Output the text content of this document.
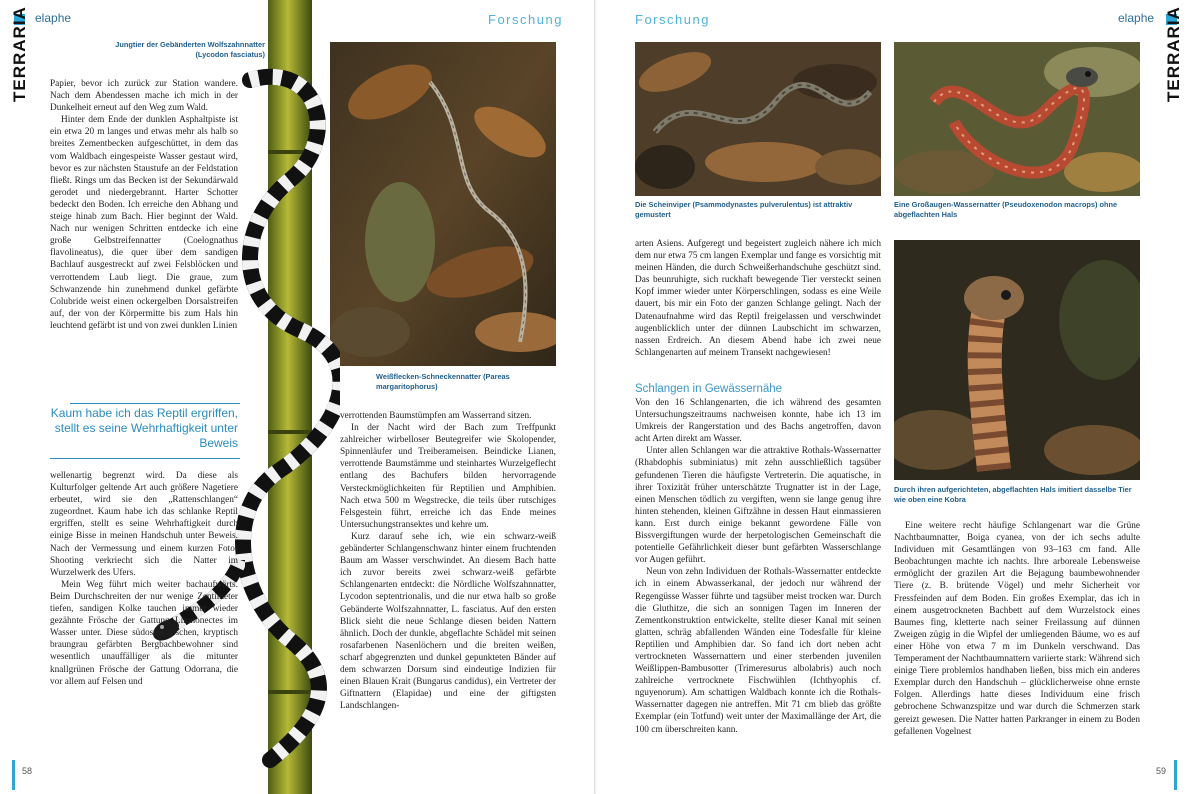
elaphe	Forschung
TERRARIA	Jungtier der Gebänderten Wolfszahnnatter (Lycodon fasciatus)
Weißflecken-Schneckennatter (Pareas margaritophorus)

Papier, bevor ich zurück zur Station wandere. Nach dem Abendessen mache ich mich in der Dunkelheit erneut auf den Weg zum Wald.

Hinter dem Ende der dunklen Asphaltpiste ist ein etwa 20 m langes und etwas mehr als halb so breites Zementbecken aufgeschüttet, in dem das vom Waldbach eingespeiste Wasser gestaut wird, bevor es zur nächsten Staustufe an der Feldstation fließt. Rings um das Becken ist der Sekundärwald gerodet und niedergebrannt. Harter Schotter bedeckt den Boden. Ich erreiche den Abhang und steige hinab zum Bach. Hier beginnt der Wald. Nach nur wenigen Schritten entdecke ich eine große Gelbstreifennatter (Coelognathus flavolineatus), die quer über dem sandigen Bachlauf ausgestreckt auf zwei Felsblöcken und verrottendem Laub liegt. Die graue, zum Schwanzende hin zunehmend dunkel gefärbte Colubride weist einen ockergelben Dorsalstreifen auf, der von der Körpermitte bis zum Hals hin leuchtend gefärbt ist und von zwei dunklen Linien

Kaum habe ich das Reptil ergriffen, stellt es seine Wehrhaftigkeit unter Beweis

wellenartig begrenzt wird. Da diese als Kulturfolger geltende Art auch größere Nagetiere erbeutet, wird sie den „Rattenschlangen“ zugeordnet. Kaum habe ich das schlanke Reptil ergriffen, stellt es seine Wehrhaftigkeit durch einige Bisse in meinen Handschuh unter Beweis. Nach der Vermessung und einem kurzen Foto-Shooting verkriecht sich die Natter im Wurzelwerk des Ufers.

Mein Weg führt mich weiter bachaufwärts. Beim Durchschreiten der nur wenige Zentimeter tiefen, sandigen Kolke tauchen immer wieder gezähnte Frösche der Gattung Limnonectes im Wasser unter. Diese südostasiatischen, kryptisch braungrau gefärbten Bergbachbewohner sind wesentlich unauffälliger als die mitunter knallgrünen Frösche der Gattung Odorrana, die vor allem auf Felsen und

verrottenden Baumstümpfen am Wasserrand sitzen.

In der Nacht wird der Bach zum Treffpunkt zahlreicher wirbelloser Beutegreifer wie Skolopender, Spinnenläufer und Treiberameisen. Beindicke Lianen, verrottende Baumstämme und steinhartes Wurzelgeflecht entlang des Bachufers bilden hervorragende Versteckmöglichkeiten für Reptilien und Amphibien. Nach etwa 500 m Wegstrecke, die teils über rutschiges Felsgestein führt, erreiche ich das Ende meines Untersuchungstransektes und kehre um.

Kurz darauf sehe ich, wie ein schwarz-weiß gebänderter Schlangenschwanz hinter einem fruchtenden Baum am Wasser verschwindet. An diesem Bach hatte ich zuvor bereits zwei schwarz-weiß gefärbte Schlangenarten entdeckt: die Nördliche Wolfszahnnatter, Lycodon septentrionalis, und die nur etwa halb so große Gebänderte Wolfszahnnatter, L. fasciatus. Auf den ersten Blick sieht die neue Schlange diesen beiden Nattern ähnlich. Doch der dunkle, abgeflachte Schädel mit seinen rosafarbenen Nasenlöchern und die breiten weißen, scharf abgegrenzten und dunkel gepunkteten Bänder auf dem schwarzen Dorsum sind eindeutige Indizien für einen Blauen Krait (Bungarus candidus), ein Vertreter der Giftnattern (Elapidae) und eine der giftigsten Landschlangen-

58
Forschung	elaphe TERRARIA
Die Scheinviper (Psammodynastes pulverulentus) ist attraktiv gemustert
Eine Großaugen-Wassernatter (Pseudoxenodon macrops) ohne abgeflachten Hals
Durch ihren aufgerichteten, abgeflachten Hals imitiert dasselbe Tier wie oben eine Kobra

arten Asiens. Aufgeregt und begeistert zugleich nähere ich mich dem nur etwa 75 cm langen Exemplar und fange es vorsichtig mit meinen Händen, die durch Schweißerhandschuhe geschützt sind. Das beunruhigte, sich ruckhaft bewegende Tier versteckt seinen Kopf immer wieder unter Körperschlingen, sodass es eine Weile dauert, bis mir ein Foto der ganzen Schlange gelingt. Nach der Datenaufnahme wird das Reptil freigelassen und verschwindet augenblicklich unter der dünnen Laubschicht im schwarzen, nassen Erdreich. An diesem Abend habe ich zwei neue Schlangenarten auf meinem Transekt nachgewiesen!

Schlangen in Gewässernähe

Von den 16 Schlangenarten, die ich während des gesamten Untersuchungszeitraums nachweisen konnte, habe ich 13 im Umkreis der Rangerstation und des Bachs angetroffen, davon acht Arten direkt am Wasser.

Unter allen Schlangen war die attraktive Rothals-Wassernatter (Rhabdophis subminiatus) mit zehn ausschließlich tagsüber gefundenen Tieren die häufigste Vertreterin. Die aquatische, in ihrer Toxizität früher unterschätzte Trugnatter ist in der Lage, einen Menschen tödlich zu vergiften, wenn sie lange genug ihre hinten stehenden, kleinen Giftzähne in dessen Haut einmassieren kann. Erst durch einige bekannt gewordene Fälle von Bissvergiftungen wurde der herpetologischen Gemeinschaft die potentielle Gefährlichkeit dieser bunt gefärbten Wasserschlange vor Augen geführt.

Neun von zehn Individuen der Rothals-Wassernatter entdeckte ich in einem Abwasserkanal, der jedoch nur während der Regengüsse Wasser führte und tagsüber meist trocken war. Durch die Gluthitze, die sich an sonnigen Tagen im Inneren der Zementkonstruktion entwickelte, stellte dieser Kanal mit seinen glatten, schräg abfallenden Wänden eine Todesfalle für kleine Reptilien und Amphibien dar. So fand ich dort neben acht vertrockneten Wassernattern und einer sterbenden juvenilen Weißlippen-Bambusotter (Trimeresurus albolabris) auch noch zahlreiche vertrocknete Fischwühlen (Ichthyophis cf. nguyenorum). Am schattigen Waldbach konnte ich die Rothals-Wassernatter dagegen nie antreffen. Mit 71 cm blieb das größte Exemplar (ein Totfund) weit unter der Maximallänge der Art, die 100 cm überschreiten kann.

Eine weitere recht häufige Schlangenart war die Grüne Nachtbaumnatter, Boiga cyanea, von der ich sechs adulte Individuen mit Gesamtlängen von 93–163 cm fand. Alle Beobachtungen machte ich nachts. Ihre arboreale Lebensweise ermöglicht der grazilen Art die Bejagung baumbewohnender Tiere (z. B. brütende Vögel) und mehr Sicherheit vor Fressfeinden auf dem Boden. Ein großes Exemplar, das ich in einem ausgetrockneten Bachbett auf dem Wurzelstock eines Baumes fing, kletterte nach seiner Freilassung auf dünnen Zweigen zügig in die Wipfel der umliegenden Bäume, wo es auf einer Höhe von etwa 7 m im Dunkeln verschwand. Das Temperament der Nachtbaumnattern variierte stark: Während sich einige Tiere problemlos handhaben ließen, biss mich ein anderes Exemplar durch den Handschuh – glücklicherweise ohne ernste Folgen. Allerdings hatte dieses Individuum eine frisch gebrochene Schwanzspitze und war durch die Schmerzen stark gereizt gewesen. Die Natter hatten Parkranger in einem zu Boden gefallenen Vogelnest

59
